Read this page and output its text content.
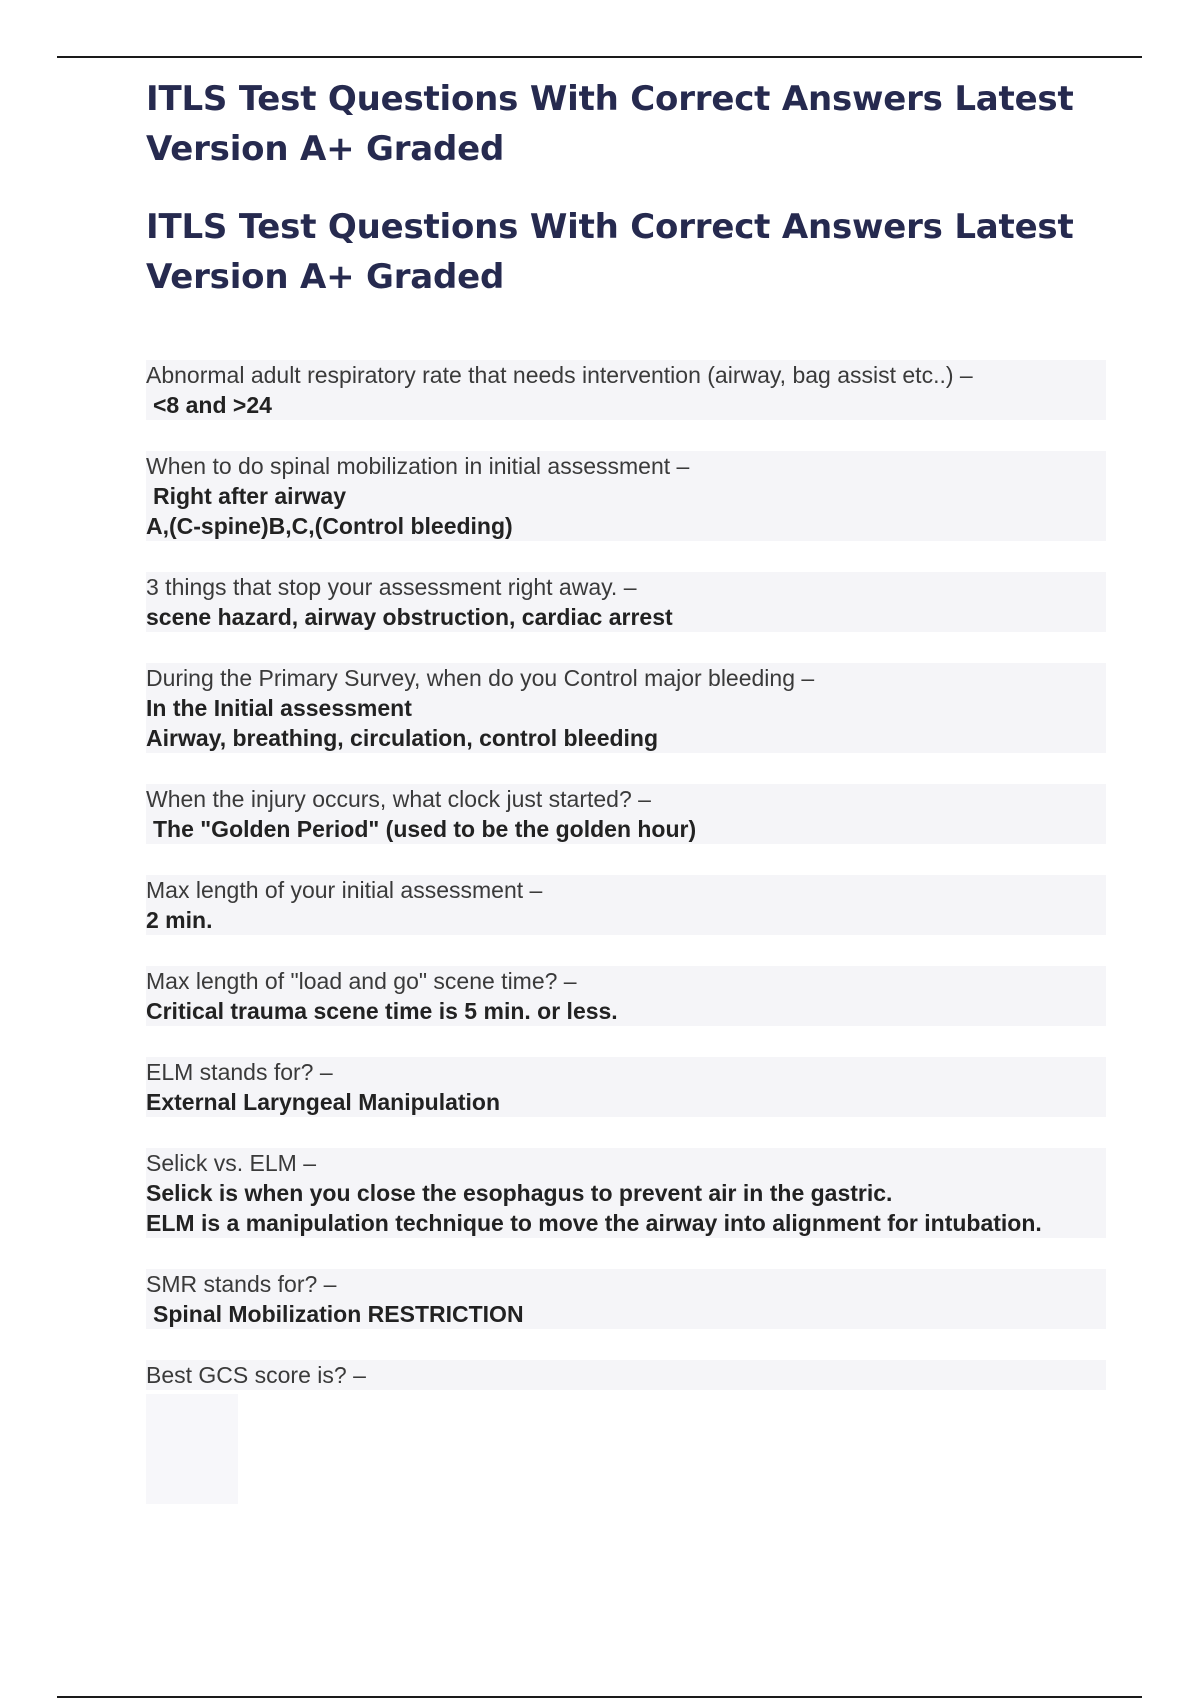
ITLS Test Questions With Correct Answers Latest Version A+ Graded
ITLS Test Questions With Correct Answers Latest Version A+ Graded
Abnormal adult respiratory rate that needs intervention (airway, bag assist etc..) –
<8 and >24
When to do spinal mobilization in initial assessment –
Right after airway
A,(C-spine)B,C,(Control bleeding)
3 things that stop your assessment right away. –
scene hazard, airway obstruction, cardiac arrest
During the Primary Survey, when do you Control major bleeding –
In the Initial assessment
Airway, breathing, circulation, control bleeding
When the injury occurs, what clock just started? –
The "Golden Period" (used to be the golden hour)
Max length of your initial assessment –
2 min.
Max length of "load and go" scene time? –
Critical trauma scene time is 5 min. or less.
ELM stands for? –
External Laryngeal Manipulation
Selick vs. ELM –
Selick is when you close the esophagus to prevent air in the gastric.
ELM is a manipulation technique to move the airway into alignment for intubation.
SMR stands for? –
Spinal Mobilization RESTRICTION
Best GCS score is? –
